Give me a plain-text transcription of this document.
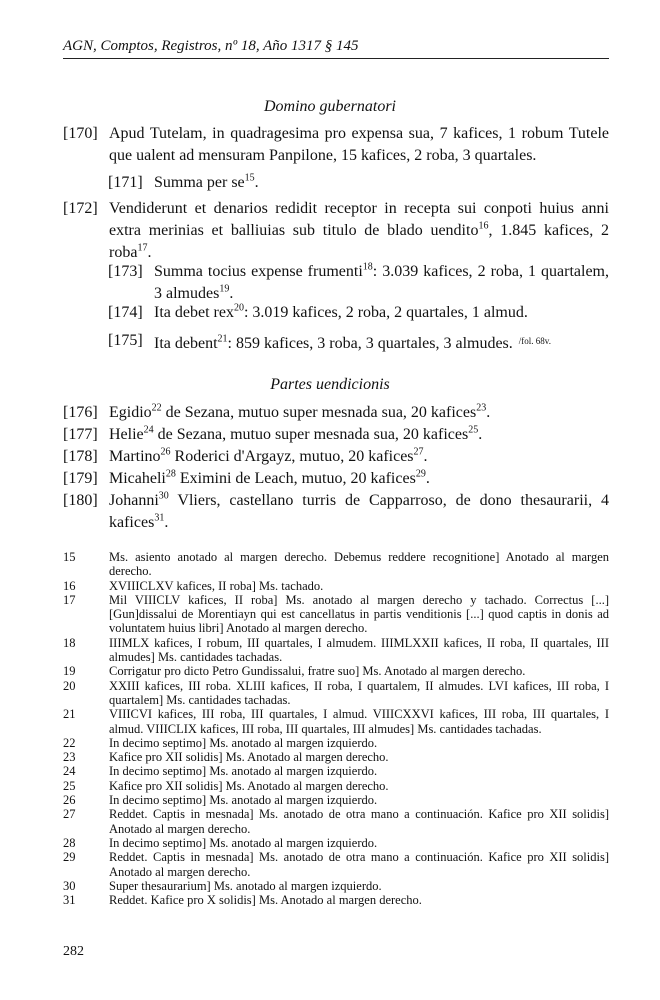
AGN, Comptos, Registros, nº 18, Año 1317 § 145
Domino gubernatori
[170] Apud Tutelam, in quadragesima pro expensa sua, 7 kafices, 1 robum Tutele que ualent ad mensuram Panpilone, 15 kafices, 2 roba, 3 quartales.
[171] Summa per $se^{15}$.
[172] Vendiderunt et denarios redidit receptor in recepta sui conpoti huius anni extra merinias et balliuias sub titulo de blado uendito$^{16}$, 1.845 kafices, 2 roba$^{17}$.
[173] Summa tocius expense frumenti$^{18}$: 3.039 kafices, 2 roba, 1 quartalem, 3 almudes$^{19}$.
[174] Ita debet rex$^{20}$: 3.019 kafices, 2 roba, 2 quartales, 1 almud.
[175] Ita debent$^{21}$: 859 kafices, 3 roba, 3 quartales, 3 almudes. $^{/fol. 68v.}$
Partes uendicionis
[176] Egidio$^{22}$ de Sezana, mutuo super mesnada sua, 20 kafices$^{23}$.
[177] Helie$^{24}$ de Sezana, mutuo super mesnada sua, 20 kafices$^{25}$.
[178] Martino$^{26}$ Roderici d'Argayz, mutuo, 20 kafices$^{27}$.
[179] Micaheli$^{28}$ Eximini de Leach, mutuo, 20 kafices$^{29}$.
[180] Johanni$^{30}$ Vliers, castellano turris de Capparroso, de dono thesaurarii, 4 kafices$^{31}$.
15	Ms. asiento anotado al margen derecho. Debemus reddere recognitione] Anotado al margen derecho.
16	XVIIICLXV kafices, II roba] Ms. tachado.
17	Mil VIIICLV kafices, II roba] Ms. anotado al margen derecho y tachado. Correctus [...] [Gun]dissalui de Morentiayn qui est cancellatus in partis venditionis [...] quod captis in donis ad voluntatem huius libri] Anotado al margen derecho.
18	IIIMLX kafices, I robum, III quartales, I almudem. IIIMLXXII kafices, II roba, II quartales, III almudes] Ms. cantidades tachadas.
19	Corrigatur pro dicto Petro Gundissalui, fratre suo] Ms. Anotado al margen derecho.
20	XXIII kafices, III roba. XLIII kafices, II roba, I quartalem, II almudes. LVI kafices, III roba, I quartalem] Ms. cantidades tachadas.
21	VIIICVI kafices, III roba, III quartales, I almud. VIIICXXVI kafices, III roba, III quartales, I almud. VIIICLIX kafices, III roba, III quartales, III almudes] Ms. cantidades tachadas.
22	In decimo septimo] Ms. anotado al margen izquierdo.
23	Kafice pro XII solidis] Ms. Anotado al margen derecho.
24	In decimo septimo] Ms. anotado al margen izquierdo.
25	Kafice pro XII solidis] Ms. Anotado al margen derecho.
26	In decimo septimo] Ms. anotado al margen izquierdo.
27	Reddet. Captis in mesnada] Ms. anotado de otra mano a continuación. Kafice pro XII solidis] Anotado al margen derecho.
28	In decimo septimo] Ms. anotado al margen izquierdo.
29	Reddet. Captis in mesnada] Ms. anotado de otra mano a continuación. Kafice pro XII solidis] Anotado al margen derecho.
30	Super thesaurarium] Ms. anotado al margen izquierdo.
31	Reddet. Kafice pro X solidis] Ms. Anotado al margen derecho.
282
